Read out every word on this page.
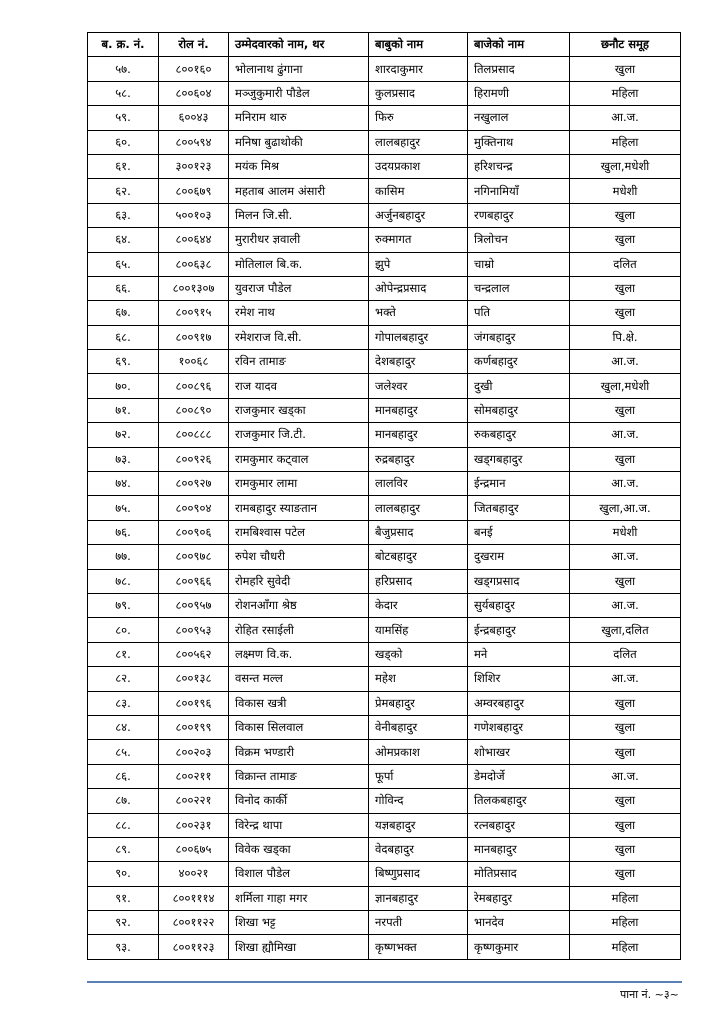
ब. क्र. नं.	रोल नं.	उम्मेदवारको नाम, थर	बाबुको नाम	बाजेको नाम	छनौट समूह
५७.	८००१६०	भोलानाथ ढुंगाना	शारदाकुमार	तिलप्रसाद	खुला
५८.	८००६०४	मञ्जुकुमारी पौडेल	कुलप्रसाद	हिरामणी	महिला
५९.	६००४३	मनिराम थारु	फिरु	नखुलाल	आ.ज.
६०.	८००५९४	मनिषा बुढाथोकी	लालबहादुर	मुक्तिनाथ	महिला
६१.	३००१२३	मयंक मिश्र	उदयप्रकाश	हरिशचन्द्र	खुला,मधेशी
६२.	८००६७९	महताब आलम अंसारी	कासिम	नगिनामियाँ	मधेशी
६३.	५००१०३	मिलन जि.सी.	अर्जुनबहादुर	रणबहादुर	खुला
६४.	८००६४४	मुरारीधर ज्ञवाली	रुक्मागत	त्रिलोचन	खुला
६५.	८००६३८	मोतिलाल बि.क.	झुपे	चाम्रो	दलित
६६.	८००१३०७	युवराज पौडेल	ओपेन्द्रप्रसाद	चन्द्रलाल	खुला
६७.	८००९१५	रमेश नाथ	भक्ते	पति	खुला
६८.	८००९१७	रमेशराज वि.सी.	गोपालबहादुर	जंगबहादुर	पि.क्षे.
६९.	१००६८	रविन तामाङ	देशबहादुर	कर्णबहादुर	आ.ज.
७०.	८००८९६	राज यादव	जलेश्वर	दुखी	खुला,मधेशी
७१.	८००८९०	राजकुमार खड्का	मानबहादुर	सोमबहादुर	खुला
७२.	८००८८८	राजकुमार जि.टी.	मानबहादुर	रुकबहादुर	आ.ज.
७३.	८००९२६	रामकुमार कट्वाल	रुद्रबहादुर	खड्गबहादुर	खुला
७४.	८००९२७	रामकुमार लामा	लालविर	ईन्द्रमान	आ.ज.
७५.	८००९०४	रामबहादुर स्याङतान	लालबहादुर	जितबहादुर	खुला,आ.ज.
७६.	८००९०६	रामबिश्वास पटेल	बैजुप्रसाद	बनई	मधेशी
७७.	८००९७८	रुपेश चौधरी	बोटबहादुर	दुखराम	आ.ज.
७८.	८००९६६	रोमहरि सुवेदी	हरिप्रसाद	खड्गप्रसाद	खुला
७९.	८००९५७	रोशनआँगा श्रेष्ठ	केदार	सुर्यबहादुर	आ.ज.
८०.	८००९५३	रोहित रसाईली	यामसिंह	ईन्द्रबहादुर	खुला,दलित
८१.	८००५६२	लक्ष्मण वि.क.	खड्को	मने	दलित
८२.	८००१३८	वसन्त मल्ल	महेश	शिशिर	आ.ज.
८३.	८००१९६	विकास खत्री	प्रेमबहादुर	अम्वरबहादुर	खुला
८४.	८००१९९	विकास सिलवाल	वेनीबहादुर	गणेशबहादुर	खुला
८५.	८००२०३	विक्रम भण्डारी	ओमप्रकाश	शोभाखर	खुला
८६.	८००२११	विक्रान्त तामाङ	फूर्पा	डेमदोर्जे	आ.ज.
८७.	८००२२१	विनोद कार्की	गोविन्द	तिलकबहादुर	खुला
८८.	८००२३१	विरेन्द्र थापा	यज्ञबहादुर	रत्नबहादुर	खुला
८९.	८००६७५	विवेक खड्का	वेदबहादुर	मानबहादुर	खुला
९०.	४००२१	विशाल पौडेल	बिष्णुप्रसाद	मोतिप्रसाद	खुला
९१.	८००१११४	शर्मिला गाहा मगर	ज्ञानबहादुर	रेमबहादुर	महिला
९२.	८००११२२	शिखा भट्ट	नरपती	भानदेव	महिला
९३.	८००११२३	शिखा ह्यौमिखा	कृष्णभक्त	कृष्णकुमार	महिला
पाना नं. ~३~
